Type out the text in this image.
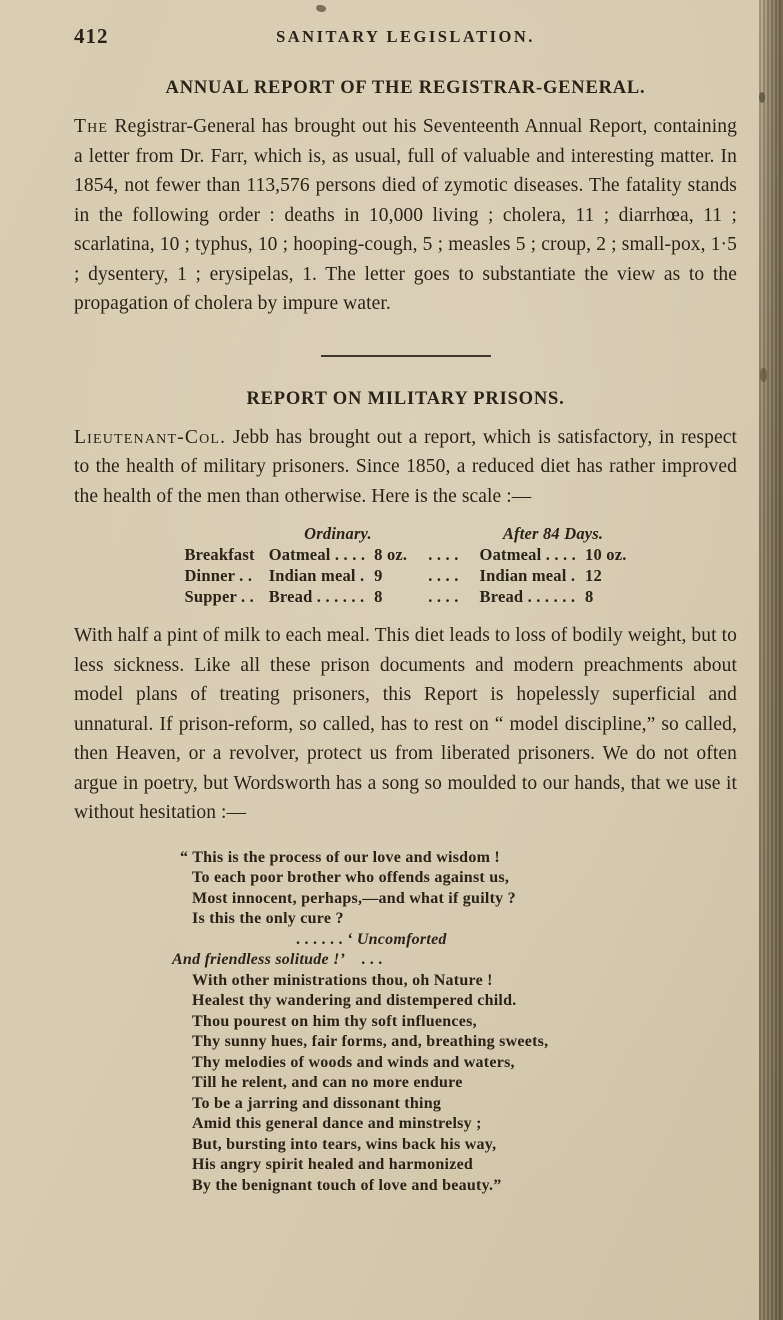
412	SANITARY LEGISLATION.
ANNUAL REPORT OF THE REGISTRAR-GENERAL.

The Registrar-General has brought out his Seventeenth Annual Report, containing a letter from Dr. Farr, which is, as usual, full of valuable and interesting matter. In 1854, not fewer than 113,576 persons died of zymotic diseases. The fatality stands in the following order : deaths in 10,000 living ; cholera, 11 ; diarrhœa, 11 ; scarlatina, 10 ; typhus, 10 ; hooping-cough, 5 ; measles 5 ; croup, 2 ; small-pox, 1·5 ; dysentery, 1 ; erysipelas, 1. The letter goes to substantiate the view as to the propagation of cholera by impure water.

REPORT ON MILITARY PRISONS.

Lieutenant-Col. Jebb has brought out a report, which is satisfactory, in respect to the health of military prisoners. Since 1850, a reduced diet has rather improved the health of the men than otherwise. Here is the scale :—

	Ordinary.			After 84 Days.	
Breakfast	Oatmeal . . . .	8 oz.	. . . .	Oatmeal . . . .	10 oz.
Dinner . .	Indian meal .	9	. . . .	Indian meal .	12
Supper . .	Bread . . . . . .	8	. . . .	Bread . . . . . .	8

With half a pint of milk to each meal. This diet leads to loss of bodily weight, but to less sickness. Like all these prison documents and modern preachments about model plans of treating prisoners, this Report is hopelessly superficial and unnatural. If prison-reform, so called, has to rest on “ model discipline,” so called, then Heaven, or a revolver, protect us from liberated prisoners. We do not often argue in poetry, but Wordsworth has a song so moulded to our hands, that we use it without hesitation :—

“ This is the process of our love and wisdom !
To each poor brother who offends against us,
Most innocent, perhaps,—and what if guilty ?
Is this the only cure ?
. . . . . . ‘ Uncomforted
And friendless solitude !’ . . .
With other ministrations thou, oh Nature !
Healest thy wandering and distempered child.
Thou pourest on him thy soft influences,
Thy sunny hues, fair forms, and, breathing sweets,
Thy melodies of woods and winds and waters,
Till he relent, and can no more endure
To be a jarring and dissonant thing
Amid this general dance and minstrelsy ;
But, bursting into tears, wins back his way,
His angry spirit healed and harmonized
By the benignant touch of love and beauty.”
